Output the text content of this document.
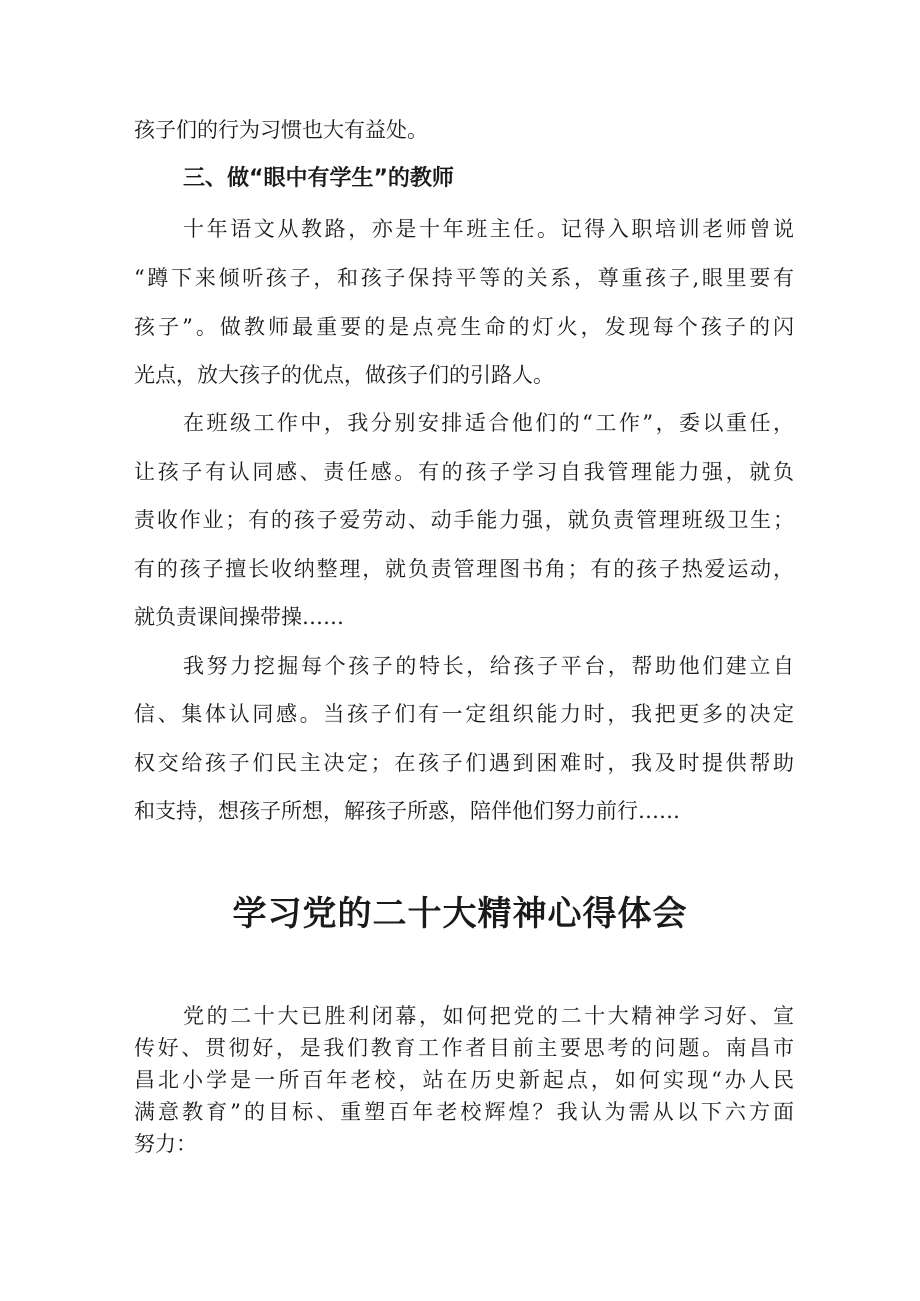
孩子们的行为习惯也大有益处。
三、做“眼中有学生”的教师
十年语文从教路，亦是十年班主任。记得入职培训老师曾说
“蹲下来倾听孩子，和孩子保持平等的关系，尊重孩子,眼里要有
孩子”。做教师最重要的是点亮生命的灯火，发现每个孩子的闪
光点，放大孩子的优点，做孩子们的引路人。
在班级工作中，我分别安排适合他们的“工作”，委以重任，
让孩子有认同感、责任感。有的孩子学习自我管理能力强，就负
责收作业；有的孩子爱劳动、动手能力强，就负责管理班级卫生；
有的孩子擅长收纳整理，就负责管理图书角；有的孩子热爱运动，
就负责课间操带操……
我努力挖掘每个孩子的特长，给孩子平台，帮助他们建立自
信、集体认同感。当孩子们有一定组织能力时，我把更多的决定
权交给孩子们民主决定；在孩子们遇到困难时，我及时提供帮助
和支持，想孩子所想，解孩子所惑，陪伴他们努力前行……
学习党的二十大精神心得体会
党的二十大已胜利闭幕，如何把党的二十大精神学习好、宣
传好、贯彻好，是我们教育工作者目前主要思考的问题。南昌市
昌北小学是一所百年老校，站在历史新起点，如何实现“办人民
满意教育”的目标、重塑百年老校辉煌？我认为需从以下六方面
努力：
